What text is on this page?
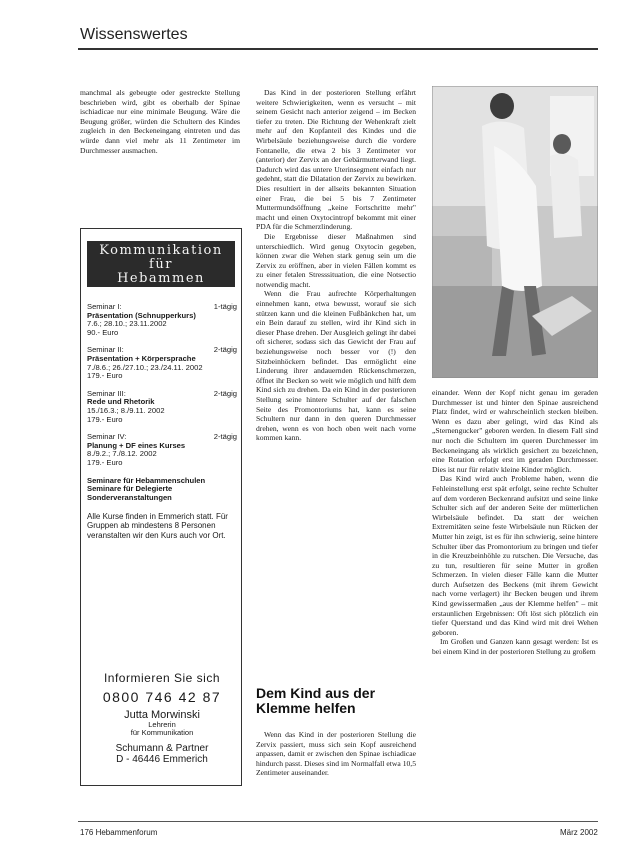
Wissenswertes

manchmal als gebeugte oder gestreckte Stellung beschrieben wird, gibt es oberhalb der Spinae ischiadicae nur eine minimale Beugung. Wäre die Beugung größer, würden die Schultern des Kindes zugleich in den Beckeneingang eintreten und das würde dann viel mehr als 11 Zentimeter im Durchmesser ausmachen.

Kommunikation
für
Hebammen
Seminar I:	1-tägig
Präsentation (Schnupperkurs)
7.6.; 28.10.; 23.11.2002
90.- Euro
Seminar II:	2-tägig
Präsentation + Körpersprache
7./8.6.; 26./27.10.; 23./24.11. 2002
179.- Euro
Seminar III:	2-tägig
Rede und Rhetorik
15./16.3.; 8./9.11. 2002
179.- Euro
Seminar IV:	2-tägig
Planung + DF eines Kurses
8./9.2.; 7./8.12. 2002
179.- Euro
Seminare für Hebammenschulen Seminare für Delegierte Sonderveranstaltungen
Alle Kurse finden in Emmerich statt. Für Gruppen ab mindestens 8 Personen veranstalten wir den Kurs auch vor Ort.
Informieren Sie sich
0800 746 42 87
Jutta Morwinski
Lehrerin
für Kommunikation
Schumann & Partner
D - 46446 Emmerich

Das Kind in der posterioren Stellung erfährt weitere Schwierigkeiten, wenn es versucht – mit seinem Gesicht nach anterior zeigend – im Becken tiefer zu treten. Die Richtung der Wehenkraft zielt mehr auf den Kopfanteil des Kindes und die Wirbelsäule beziehungsweise durch die vordere Fontanelle, die etwa 2 bis 3 Zentimeter vor (anterior) der Zervix an der Gebärmutterwand liegt. Dadurch wird das untere Uterinsegment einfach nur gedehnt, statt die Dilatation der Zervix zu bewirken. Dies resultiert in der allseits bekannten Situation einer Frau, die bei 5 bis 7 Zentimeter Muttermundsöffnung „keine Fortschritte mehr" macht und einen Oxytocintropf bekommt mit einer PDA für die Schmerzlinderung.

Die Ergebnisse dieser Maßnahmen sind unterschiedlich. Wird genug Oxytocin gegeben, können zwar die Wehen stark genug sein um die Zervix zu eröffnen, aber in vielen Fällen kommt es zu einer fetalen Stresssituation, die eine Notsectio notwendig macht.

Wenn die Frau aufrechte Körperhaltungen einnehmen kann, etwa bewusst, worauf sie sich stützen kann und die kleinen Fußbänkchen hat, um ein Bein darauf zu stellen, wird ihr Kind sich in dieser Phase drehen. Der Ausgleich gelingt ihr dabei oft sicherer, sodass sich das Gewicht der Frau auf beziehungsweise noch besser vor (!) den Sitzbeinhöckern befindet. Das ermöglicht eine Linderung ihrer andauernden Rückenschmerzen, öffnet ihr Becken so weit wie möglich und hilft dem Kind sich zu drehen. Da ein Kind in der posterioren Stellung seine hintere Schulter auf der falschen Seite des Promontoriums hat, kann es seine Schultern nur dann in den queren Durchmesser drehen, wenn es von hoch oben weit nach vorne kommen kann.

Dem Kind aus der Klemme helfen

Wenn das Kind in der posterioren Stellung die Zervix passiert, muss sich sein Kopf ausreichend anpassen, damit er zwischen den Spinae ischiadicae hindurch passt. Dieses sind im Normalfall etwa 10,5 Zentimeter auseinander.

einander. Wenn der Kopf nicht genau im geraden Durchmesser ist und hinter den Spinae ausreichend Platz findet, wird er wahrscheinlich stecken bleiben. Wenn es dazu aber gelingt, wird das Kind als „Sternengucker" geboren werden. In diesem Fall sind nur noch die Schultern im queren Durchmesser im Beckeneingang als wirklich gesichert zu bezeichnen, eine Rotation erfolgt erst im geraden Durchmesser. Dies ist nur für relativ kleine Kinder möglich.

Das Kind wird auch Probleme haben, wenn die Fehleinstellung erst spät erfolgt, seine rechte Schulter auf dem vorderen Beckenrand aufsitzt und seine linke Schulter sich auf der anderen Seite der mütterlichen Wirbelsäule befindet. Da statt der weichen Extremitäten seine feste Wirbelsäule nun Rücken der Mutter hin zeigt, ist es für ihn schwierig, seine hintere Schulter über das Promontorium zu bringen und tiefer in die Kreuzbeinhöhle zu rutschen. Die Versuche, das zu tun, resultieren für seine Mutter in großen Schmerzen. In vielen dieser Fälle kann die Mutter durch Aufsetzen des Beckens (mit ihrem Gewicht nach vorne verlagert) ihr Becken beugen und ihrem Kind gewissermaßen „aus der Klemme helfen" – mit erstaunlichen Ergebnissen: Oft löst sich plötzlich ein tiefer Querstand und das Kind wird mit drei Wehen geboren.

Im Großen und Ganzen kann gesagt werden: Ist es bei einem Kind in der posterioren Stellung zu großem

176 Hebammenforum	März 2002
